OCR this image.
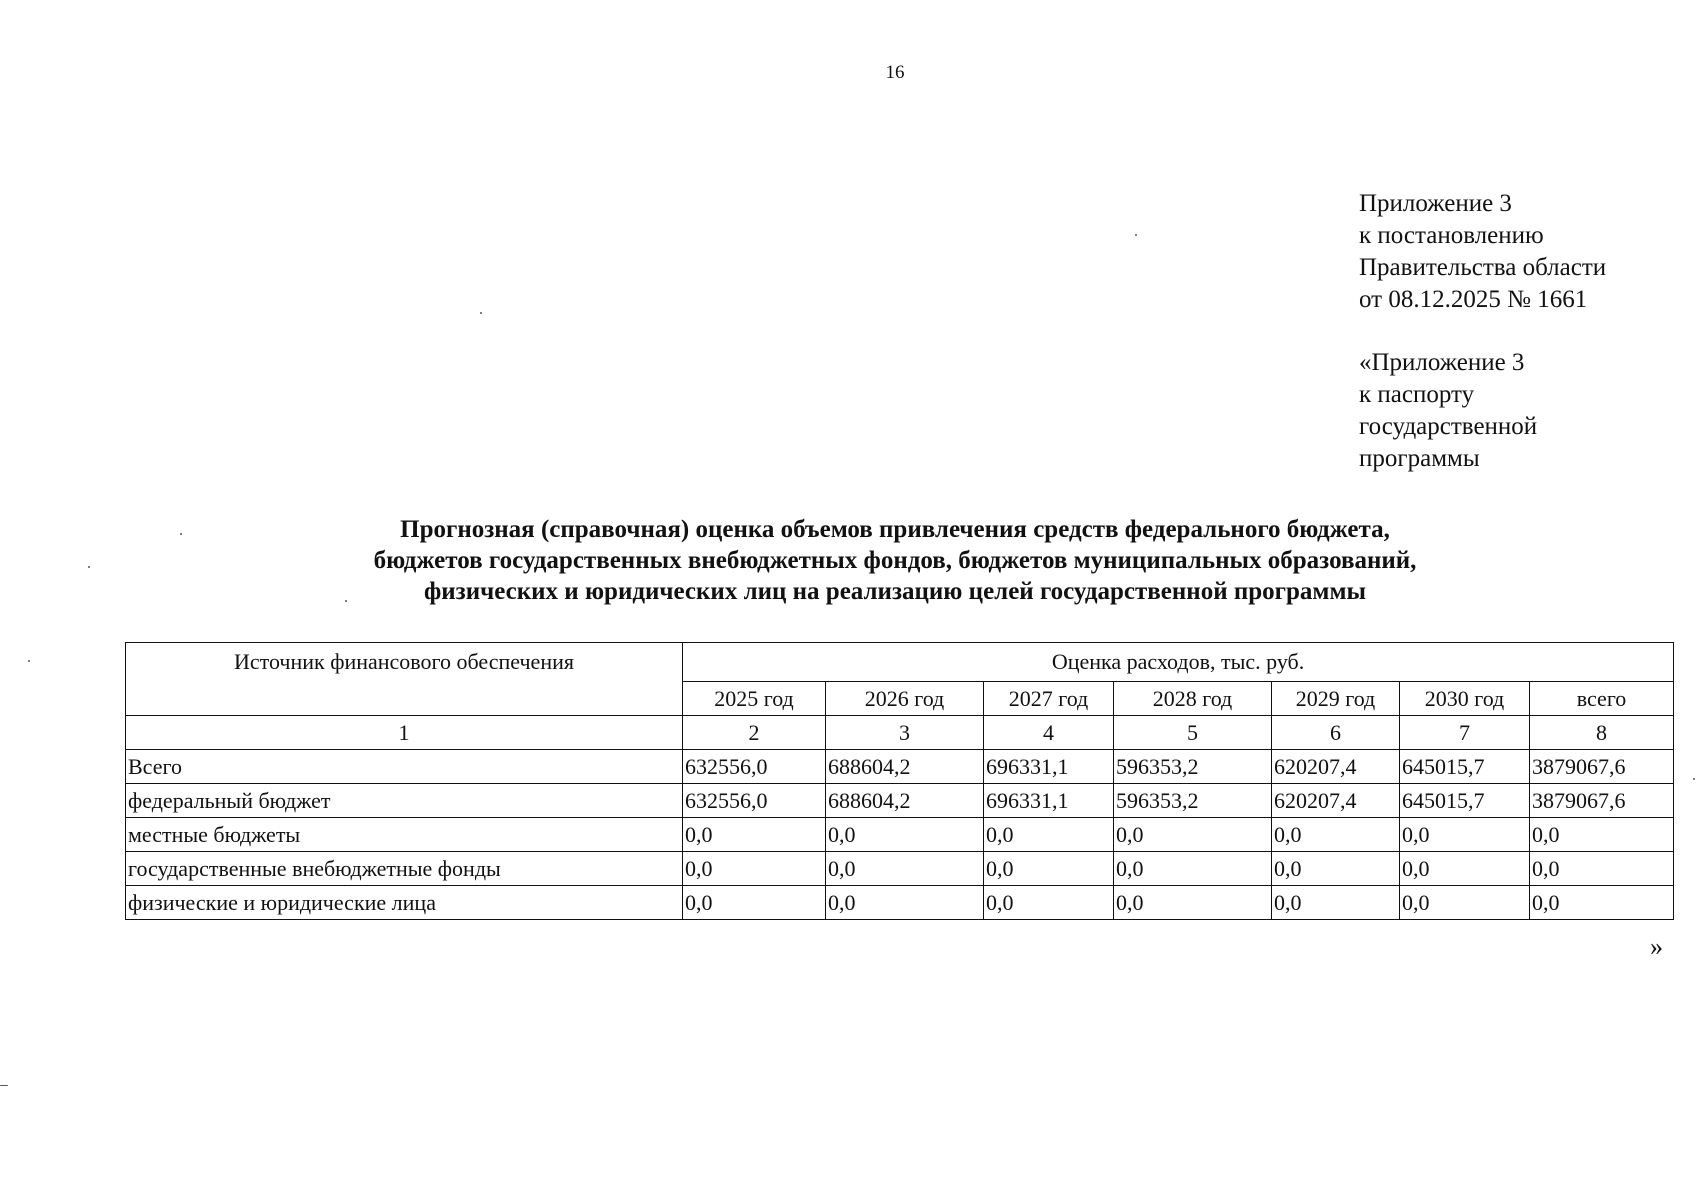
16
Приложение 3
к постановлению
Правительства области
от 08.12.2025 № 1661
«Приложение 3
к паспорту
государственной
программы
Прогнозная (справочная) оценка объемов привлечения средств федерального бюджета,
бюджетов государственных внебюджетных фондов, бюджетов муниципальных образований,
физических и юридических лиц на реализацию целей государственной программы
Источник финансового обеспечения	Оценка расходов, тыс. руб.						
	2025 год	2026 год	2027 год	2028 год	2029 год	2030 год	всего
1	2	3	4	5	6	7	8
Всего	632556,0	688604,2	696331,1	596353,2	620207,4	645015,7	3879067,6
федеральный бюджет	632556,0	688604,2	696331,1	596353,2	620207,4	645015,7	3879067,6
местные бюджеты	0,0	0,0	0,0	0,0	0,0	0,0	0,0
государственные внебюджетные фонды	0,0	0,0	0,0	0,0	0,0	0,0	0,0
физические и юридические лица	0,0	0,0	0,0	0,0	0,0	0,0	0,0
»
